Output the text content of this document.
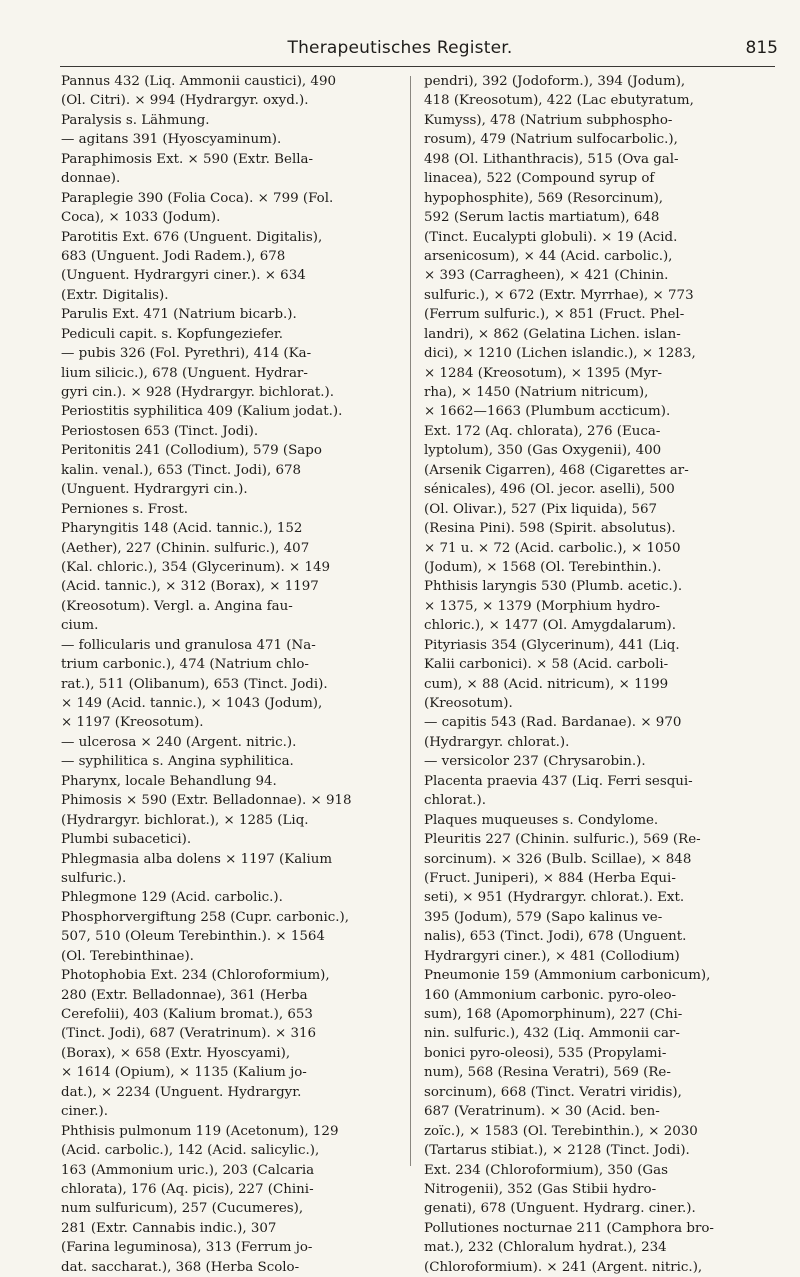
Therapeutisches Register.	815
Pannus 432 (Liq. Ammonii caustici), 490
(Ol. Citri). × 994 (Hydrargyr. oxyd.).
Paralysis s. Lähmung.
— agitans 391 (Hyoscyaminum).
Paraphimosis Ext. × 590 (Extr. Bella-
donnae).
Paraplegie 390 (Folia Coca). × 799 (Fol.
Coca), × 1033 (Jodum).
Parotitis Ext. 676 (Unguent. Digitalis),
683 (Unguent. Jodi Radem.), 678
(Unguent. Hydrargyri ciner.). × 634
(Extr. Digitalis).
Parulis Ext. 471 (Natrium bicarb.).
Pediculi capit. s. Kopfungeziefer.
— pubis 326 (Fol. Pyrethri), 414 (Ka-
lium silicic.), 678 (Unguent. Hydrar-
gyri cin.). × 928 (Hydrargyr. bichlorat.).
Periostitis syphilitica 409 (Kalium jodat.).
Periostosen 653 (Tinct. Jodi).
Peritonitis 241 (Collodium), 579 (Sapo
kalin. venal.), 653 (Tinct. Jodi), 678
(Unguent. Hydrargyri cin.).
Perniones s. Frost.
Pharyngitis 148 (Acid. tannic.), 152
(Aether), 227 (Chinin. sulfuric.), 407
(Kal. chloric.), 354 (Glycerinum). × 149
(Acid. tannic.), × 312 (Borax), × 1197
(Kreosotum). Vergl. a. Angina fau-
cium.
— follicularis und granulosa 471 (Na-
trium carbonic.), 474 (Natrium chlo-
rat.), 511 (Olibanum), 653 (Tinct. Jodi).
× 149 (Acid. tannic.), × 1043 (Jodum),
× 1197 (Kreosotum).
— ulcerosa × 240 (Argent. nitric.).
— syphilitica s. Angina syphilitica.
Pharynx, locale Behandlung 94.
Phimosis × 590 (Extr. Belladonnae). × 918
(Hydrargyr. bichlorat.), × 1285 (Liq.
Plumbi subacetici).
Phlegmasia alba dolens × 1197 (Kalium
sulfuric.).
Phlegmone 129 (Acid. carbolic.).
Phosphorvergiftung 258 (Cupr. carbonic.),
507, 510 (Oleum Terebinthin.). × 1564
(Ol. Terebinthinae).
Photophobia Ext. 234 (Chloroformium),
280 (Extr. Belladonnae), 361 (Herba
Cerefolii), 403 (Kalium bromat.), 653
(Tinct. Jodi), 687 (Veratrinum). × 316
(Borax), × 658 (Extr. Hyoscyami),
× 1614 (Opium), × 1135 (Kalium jo-
dat.), × 2234 (Unguent. Hydrargyr.
ciner.).
Phthisis pulmonum 119 (Acetonum), 129
(Acid. carbolic.), 142 (Acid. salicylic.),
163 (Ammonium uric.), 203 (Calcaria
chlorata), 176 (Aq. picis), 227 (Chini-
num sulfuricum), 257 (Cucumeres),
281 (Extr. Cannabis indic.), 307
(Farina leguminosa), 313 (Ferrum jo-
dat. saccharat.), 368 (Herba Scolo-
pendri), 392 (Jodoform.), 394 (Jodum),
418 (Kreosotum), 422 (Lac ebutyratum,
Kumyss), 478 (Natrium subphospho-
rosum), 479 (Natrium sulfocarbolic.),
498 (Ol. Lithanthracis), 515 (Ova gal-
linacea), 522 (Compound syrup of
hypophosphite), 569 (Resorcinum),
592 (Serum lactis martiatum), 648
(Tinct. Eucalypti globuli). × 19 (Acid.
arsenicosum), × 44 (Acid. carbolic.),
× 393 (Carragheen), × 421 (Chinin.
sulfuric.), × 672 (Extr. Myrrhae), × 773
(Ferrum sulfuric.), × 851 (Fruct. Phel-
landri), × 862 (Gelatina Lichen. islan-
dici), × 1210 (Lichen islandic.), × 1283,
× 1284 (Kreosotum), × 1395 (Myr-
rha), × 1450 (Natrium nitricum),
× 1662—1663 (Plumbum accticum).
Ext. 172 (Aq. chlorata), 276 (Euca-
lyptolum), 350 (Gas Oxygenii), 400
(Arsenik Cigarren), 468 (Cigarettes ar-
sénicales), 496 (Ol. jecor. aselli), 500
(Ol. Olivar.), 527 (Pix liquida), 567
(Resina Pini). 598 (Spirit. absolutus).
× 71 u. × 72 (Acid. carbolic.), × 1050
(Jodum), × 1568 (Ol. Terebinthin.).
Phthisis laryngis 530 (Plumb. acetic.).
× 1375, × 1379 (Morphium hydro-
chloric.), × 1477 (Ol. Amygdalarum).
Pityriasis 354 (Glycerinum), 441 (Liq.
Kalii carbonici). × 58 (Acid. carboli-
cum), × 88 (Acid. nitricum), × 1199
(Kreosotum).
— capitis 543 (Rad. Bardanae). × 970
(Hydrargyr. chlorat.).
— versicolor 237 (Chrysarobin.).
Placenta praevia 437 (Liq. Ferri sesqui-
chlorat.).
Plaques muqueuses s. Condylome.
Pleuritis 227 (Chinin. sulfuric.), 569 (Re-
sorcinum). × 326 (Bulb. Scillae), × 848
(Fruct. Juniperi), × 884 (Herba Equi-
seti), × 951 (Hydrargyr. chlorat.). Ext.
395 (Jodum), 579 (Sapo kalinus ve-
nalis), 653 (Tinct. Jodi), 678 (Unguent.
Hydrargyri ciner.), × 481 (Collodium)
Pneumonie 159 (Ammonium carbonicum),
160 (Ammonium carbonic. pyro-oleo-
sum), 168 (Apomorphinum), 227 (Chi-
nin. sulfuric.), 432 (Liq. Ammonii car-
bonici pyro-oleosi), 535 (Propylami-
num), 568 (Resina Veratri), 569 (Re-
sorcinum), 668 (Tinct. Veratri viridis),
687 (Veratrinum). × 30 (Acid. ben-
zoïc.), × 1583 (Ol. Terebinthin.), × 2030
(Tartarus stibiat.), × 2128 (Tinct. Jodi).
Ext. 234 (Chloroformium), 350 (Gas
Nitrogenii), 352 (Gas Stibii hydro-
genati), 678 (Unguent. Hydrarg. ciner.).
Pollutiones nocturnae 211 (Camphora bro-
mat.), 232 (Chloralum hydrat.), 234
(Chloroformium). × 241 (Argent. nitric.),
